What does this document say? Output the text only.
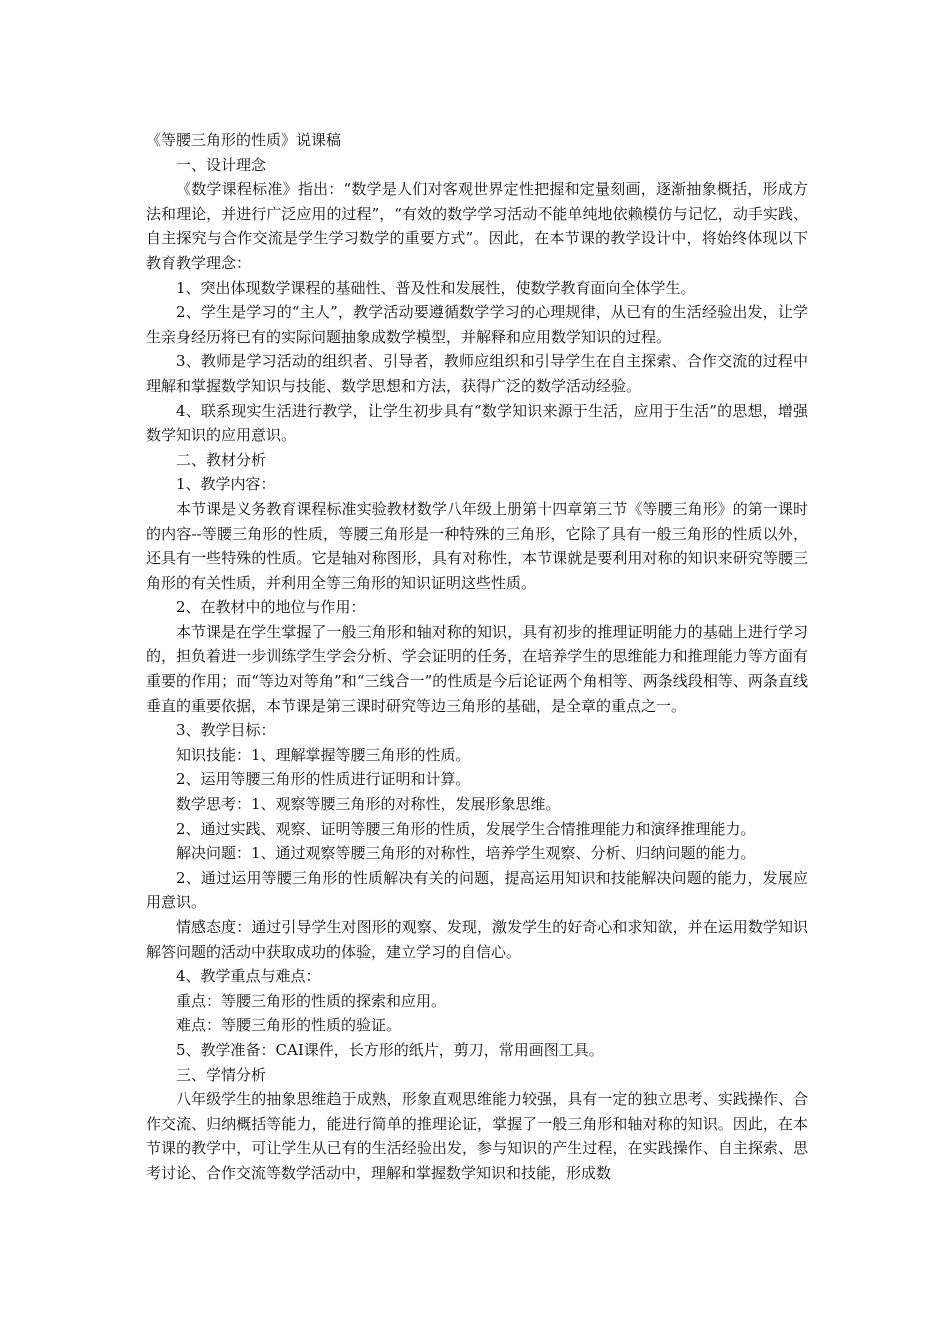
《等腰三角形的性质》说课稿

一、设计理念

《数学课程标准》指出：“数学是人们对客观世界定性把握和定量刻画，逐渐抽象概括，形成方法和理论，并进行广泛应用的过程”，“有效的数学学习活动不能单纯地依赖模仿与记忆，动手实践、自主探究与合作交流是学生学习数学的重要方式”。因此，在本节课的教学设计中，将始终体现以下教育教学理念：

1、突出体现数学课程的基础性、普及性和发展性，使数学教育面向全体学生。

2、学生是学习的“主人”，教学活动要遵循数学学习的心理规律，从已有的生活经验出发，让学生亲身经历将已有的实际问题抽象成数学模型，并解释和应用数学知识的过程。

3、教师是学习活动的组织者、引导者，教师应组织和引导学生在自主探索、合作交流的过程中理解和掌握数学知识与技能、数学思想和方法，获得广泛的数学活动经验。

4、联系现实生活进行教学，让学生初步具有“数学知识来源于生活，应用于生活”的思想，增强数学知识的应用意识。

二、教材分析

1、教学内容：

本节课是义务教育课程标准实验教材数学八年级上册第十四章第三节《等腰三角形》的第一课时的内容--等腰三角形的性质，等腰三角形是一种特殊的三角形，它除了具有一般三角形的性质以外，还具有一些特殊的性质。它是轴对称图形，具有对称性，本节课就是要利用对称的知识来研究等腰三角形的有关性质，并利用全等三角形的知识证明这些性质。

2、在教材中的地位与作用：

本节课是在学生掌握了一般三角形和轴对称的知识，具有初步的推理证明能力的基础上进行学习的，担负着进一步训练学生学会分析、学会证明的任务，在培养学生的思维能力和推理能力等方面有重要的作用；而“等边对等角”和“三线合一”的性质是今后论证两个角相等、两条线段相等、两条直线垂直的重要依据，本节课是第三课时研究等边三角形的基础，是全章的重点之一。

3、教学目标：

知识技能：1、理解掌握等腰三角形的性质。

2、运用等腰三角形的性质进行证明和计算。

数学思考：1、观察等腰三角形的对称性，发展形象思维。

2、通过实践、观察、证明等腰三角形的性质，发展学生合情推理能力和演绎推理能力。

解决问题：1、通过观察等腰三角形的对称性，培养学生观察、分析、归纳问题的能力。

2、通过运用等腰三角形的性质解决有关的问题，提高运用知识和技能解决问题的能力，发展应用意识。

情感态度：通过引导学生对图形的观察、发现，激发学生的好奇心和求知欲，并在运用数学知识解答问题的活动中获取成功的体验，建立学习的自信心。

4、教学重点与难点：

重点：等腰三角形的性质的探索和应用。

难点：等腰三角形的性质的验证。

5、教学准备：CAI课件，长方形的纸片，剪刀，常用画图工具。

三、学情分析

八年级学生的抽象思维趋于成熟，形象直观思维能力较强，具有一定的独立思考、实践操作、合作交流、归纳概括等能力，能进行简单的推理论证，掌握了一般三角形和轴对称的知识。因此，在本节课的教学中，可让学生从已有的生活经验出发，参与知识的产生过程，在实践操作、自主探索、思考讨论、合作交流等数学活动中，理解和掌握数学知识和技能，形成数
